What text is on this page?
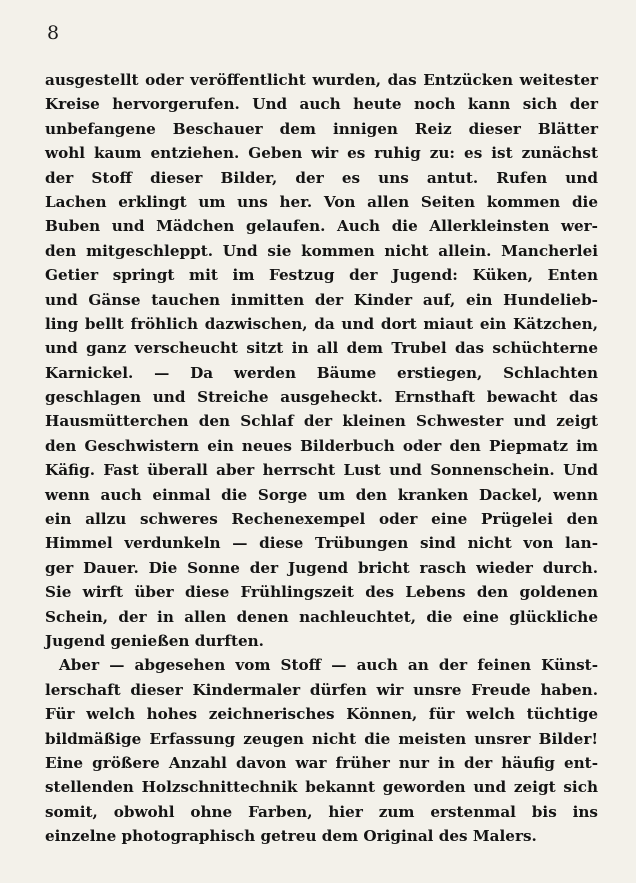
8
ausgestellt oder veröffentlicht wurden, das Entzücken weitester
Kreise hervorgerufen. Und auch heute noch kann sich der
unbefangene Beschauer dem innigen Reiz dieser Blätter
wohl kaum entziehen. Geben wir es ruhig zu: es ist zunächst
der Stoff dieser Bilder, der es uns antut. Rufen und
Lachen erklingt um uns her. Von allen Seiten kommen die
Buben und Mädchen gelaufen. Auch die Allerkleinsten wer-
den mitgeschleppt. Und sie kommen nicht allein. Mancherlei
Getier springt mit im Festzug der Jugend: Küken, Enten
und Gänse tauchen inmitten der Kinder auf, ein Hundelieb-
ling bellt fröhlich dazwischen, da und dort miaut ein Kätzchen,
und ganz verscheucht sitzt in all dem Trubel das schüchterne
Karnickel. — Da werden Bäume erstiegen, Schlachten
geschlagen und Streiche ausgeheckt. Ernsthaft bewacht das
Hausmütterchen den Schlaf der kleinen Schwester und zeigt
den Geschwistern ein neues Bilderbuch oder den Piepmatz im
Käfig. Fast überall aber herrscht Lust und Sonnenschein. Und
wenn auch einmal die Sorge um den kranken Dackel, wenn
ein allzu schweres Rechenexempel oder eine Prügelei den
Himmel verdunkeln — diese Trübungen sind nicht von lan-
ger Dauer. Die Sonne der Jugend bricht rasch wieder durch.
Sie wirft über diese Frühlingszeit des Lebens den goldenen
Schein, der in allen denen nachleuchtet, die eine glückliche
Jugend genießen durften.
Aber — abgesehen vom Stoff — auch an der feinen Künst-
lerschaft dieser Kindermaler dürfen wir unsre Freude haben.
Für welch hohes zeichnerisches Können, für welch tüchtige
bildmäßige Erfassung zeugen nicht die meisten unsrer Bilder!
Eine größere Anzahl davon war früher nur in der häufig ent-
stellenden Holzschnittechnik bekannt geworden und zeigt sich
somit, obwohl ohne Farben, hier zum erstenmal bis ins
einzelne photographisch getreu dem Original des Malers.
